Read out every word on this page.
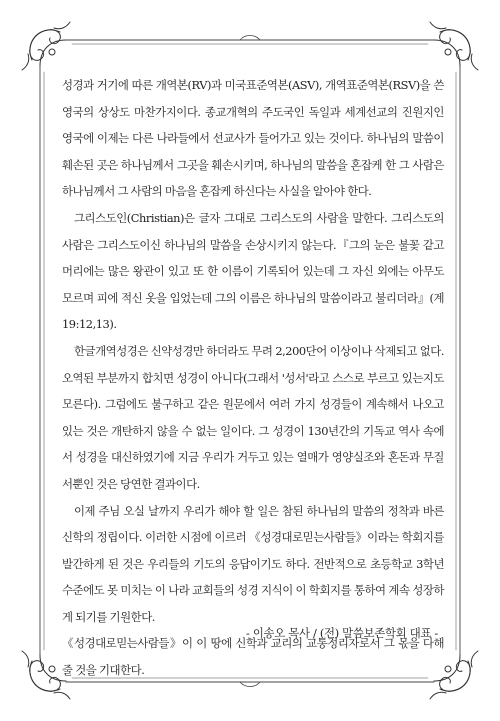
성경과 거기에 따른 개역본(RV)과 미국표준역본(ASV), 개역표준역본(RSV)을 쓴 영국의 상상도 마찬가지이다. 종교개혁의 주도국인 독일과 세계선교의 진원지인 영국에 이제는 다른 나라들에서 선교사가 들어가고 있는 것이다. 하나님의 말씀이 훼손된 곳은 하나님께서 그곳을 훼손시키며, 하나님의 말씀을 혼잡케 한 그 사람은 하나님께서 그 사람의 마음을 혼잡케 하신다는 사실을 알아야 한다.

그리스도인(Christian)은 글자 그대로 그리스도의 사람을 말한다. 그리스도의 사람은 그리스도이신 하나님의 말씀을 손상시키지 않는다.『그의 눈은 불꽃 같고 머리에는 많은 왕관이 있고 또 한 이름이 기록되어 있는데 그 자신 외에는 아무도 모르며 피에 적신 옷을 입었는데 그의 이름은 하나님의 말씀이라고 불리더라』(계 19:12,13).

한글개역성경은 신약성경만 하더라도 무려 2,200단어 이상이나 삭제되고 없다. 오역된 부분까지 합치면 성경이 아니다(그래서 '성서'라고 스스로 부르고 있는지도 모른다). 그럼에도 불구하고 같은 원문에서 여러 가지 성경들이 계속해서 나오고 있는 것은 개탄하지 않을 수 없는 일이다. 그 성경이 130년간의 기독교 역사 속에서 성경을 대신하였기에 지금 우리가 거두고 있는 열매가 영양실조와 혼돈과 무질서뿐인 것은 당연한 결과이다.

이제 주님 오실 날까지 우리가 해야 할 일은 참된 하나님의 말씀의 정착과 바른 신학의 정립이다. 이러한 시점에 이르러 《성경대로믿는사람들》이라는 학회지를 발간하게 된 것은 우리들의 기도의 응답이기도 하다. 전반적으로 초등학교 3학년 수준에도 못 미치는 이 나라 교회들의 성경 지식이 이 학회지를 통하여 계속 성장하게 되기를 기원한다.

《성경대로믿는사람들》이 이 땅에 신학과 교리의 교통정리자로서 그 몫을 다해 줄 것을 기대한다.

- 이송오 목사 / (전) 말씀보존학회 대표 -
